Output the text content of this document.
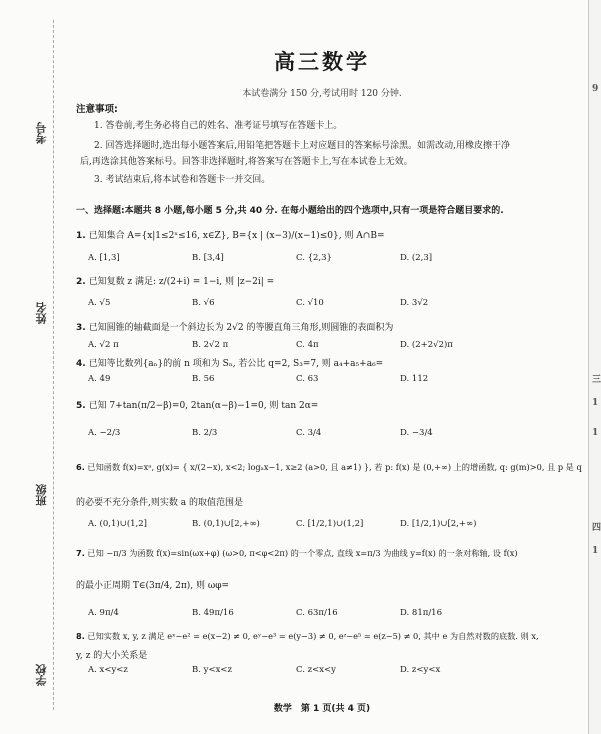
9
三
1
1
四
1
考号
姓名
班级
学校
高三数学
本试卷满分 150 分,考试用时 120 分钟.
注意事项:
1. 答卷前,考生务必将自己的姓名、准考证号填写在答题卡上。
2. 回答选择题时,选出每小题答案后,用铅笔把答题卡上对应题目的答案标号涂黑。如需改动,用橡皮擦干净
后,再选涂其他答案标号。回答非选择题时,将答案写在答题卡上,写在本试卷上无效。
3. 考试结束后,将本试卷和答题卡一并交回。
一、选择题:本题共 8 小题,每小题 5 分,共 40 分. 在每小题给出的四个选项中,只有一项是符合题目要求的.
1. 已知集合 A={x|1≤2ˣ≤16, x∈Z}, B={x | (x−3)/(x−1)≤0}, 则 A∩B=
A. [1,3]	B. [3,4]	C. {2,3}	D. (2,3]
2. 已知复数 z 满足: z/(2+i) = 1−i, 则 |z−2i| =
A. √5	B. √6	C. √10	D. 3√2
3. 已知圆锥的轴截面是一个斜边长为 2√2 的等腰直角三角形,则圆锥的表面积为
A. √2 π	B. 2√2 π	C. 4π	D. (2+2√2)π
4. 已知等比数列{aₙ}的前 n 项和为 Sₙ, 若公比 q=2, S₃=7, 则 a₄+a₅+a₆=
A. 49	B. 56	C. 63	D. 112
5. 已知 7+tan(π/2−β)=0, 2tan(α−β)−1=0, 则 tan 2α=
A. −2/3	B. 2/3	C. 3/4	D. −3/4
6. 已知函数 f(x)=xᵃ, g(x)= { x/(2−x), x<2; logₐx−1, x≥2 (a>0, 且 a≠1) }, 若 p: f(x) 是 (0,+∞) 上的增函数, q: g(m)>0, 且 p 是 q
的必要不充分条件,则实数 a 的取值范围是
A. (0,1)∪(1,2]	B. (0,1)∪[2,+∞)	C. [1/2,1)∪(1,2]	D. [1/2,1)∪[2,+∞)
7. 已知 −π/3 为函数 f(x)=sin(ωx+φ) (ω>0, π<φ<2π) 的一个零点, 直线 x=π/3 为曲线 y=f(x) 的一条对称轴, 设 f(x)
的最小正周期 T∈(3π/4, 2π), 则 ωφ=
A. 9π/4	B. 49π/16	C. 63π/16	D. 81π/16
8. 已知实数 x, y, z 满足 eˣ−e² = e(x−2) ≠ 0, eʸ−e³ = e(y−3) ≠ 0, eᶻ−e⁵ = e(z−5) ≠ 0, 其中 e 为自然对数的底数. 则 x,
y, z 的大小关系是
A. x<y<z	B. y<x<z	C. z<x<y	D. z<y<x
数学　第 1 页(共 4 页)
